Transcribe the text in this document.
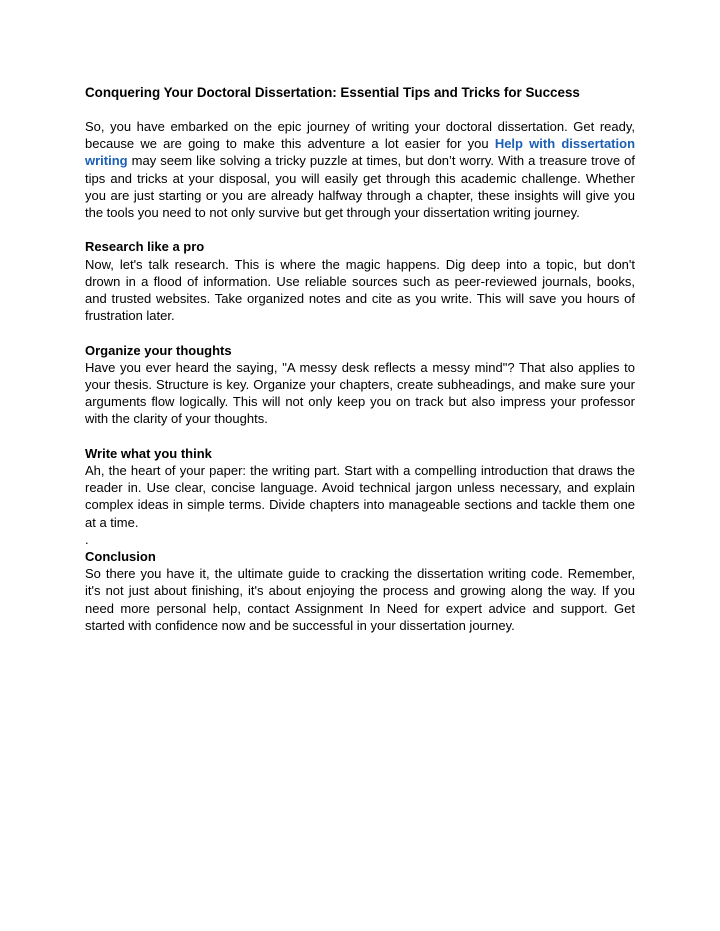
Conquering Your Doctoral Dissertation: Essential Tips and Tricks for Success

So, you have embarked on the epic journey of writing your doctoral dissertation. Get ready, because we are going to make this adventure a lot easier for you Help with dissertation writing may seem like solving a tricky puzzle at times, but don’t worry. With a treasure trove of tips and tricks at your disposal, you will easily get through this academic challenge. Whether you are just starting or you are already halfway through a chapter, these insights will give you the tools you need to not only survive but get through your dissertation writing journey.

Research like a pro

Now, let's talk research. This is where the magic happens. Dig deep into a topic, but don't drown in a flood of information. Use reliable sources such as peer-reviewed journals, books, and trusted websites. Take organized notes and cite as you write. This will save you hours of frustration later.

Organize your thoughts

Have you ever heard the saying, "A messy desk reflects a messy mind"? That also applies to your thesis. Structure is key. Organize your chapters, create subheadings, and make sure your arguments flow logically. This will not only keep you on track but also impress your professor with the clarity of your thoughts.

Write what you think

Ah, the heart of your paper: the writing part. Start with a compelling introduction that draws the reader in. Use clear, concise language. Avoid technical jargon unless necessary, and explain complex ideas in simple terms. Divide chapters into manageable sections and tackle them one at a time.

.

Conclusion

So there you have it, the ultimate guide to cracking the dissertation writing code. Remember, it's not just about finishing, it's about enjoying the process and growing along the way. If you need more personal help, contact Assignment In Need for expert advice and support. Get started with confidence now and be successful in your dissertation journey.
